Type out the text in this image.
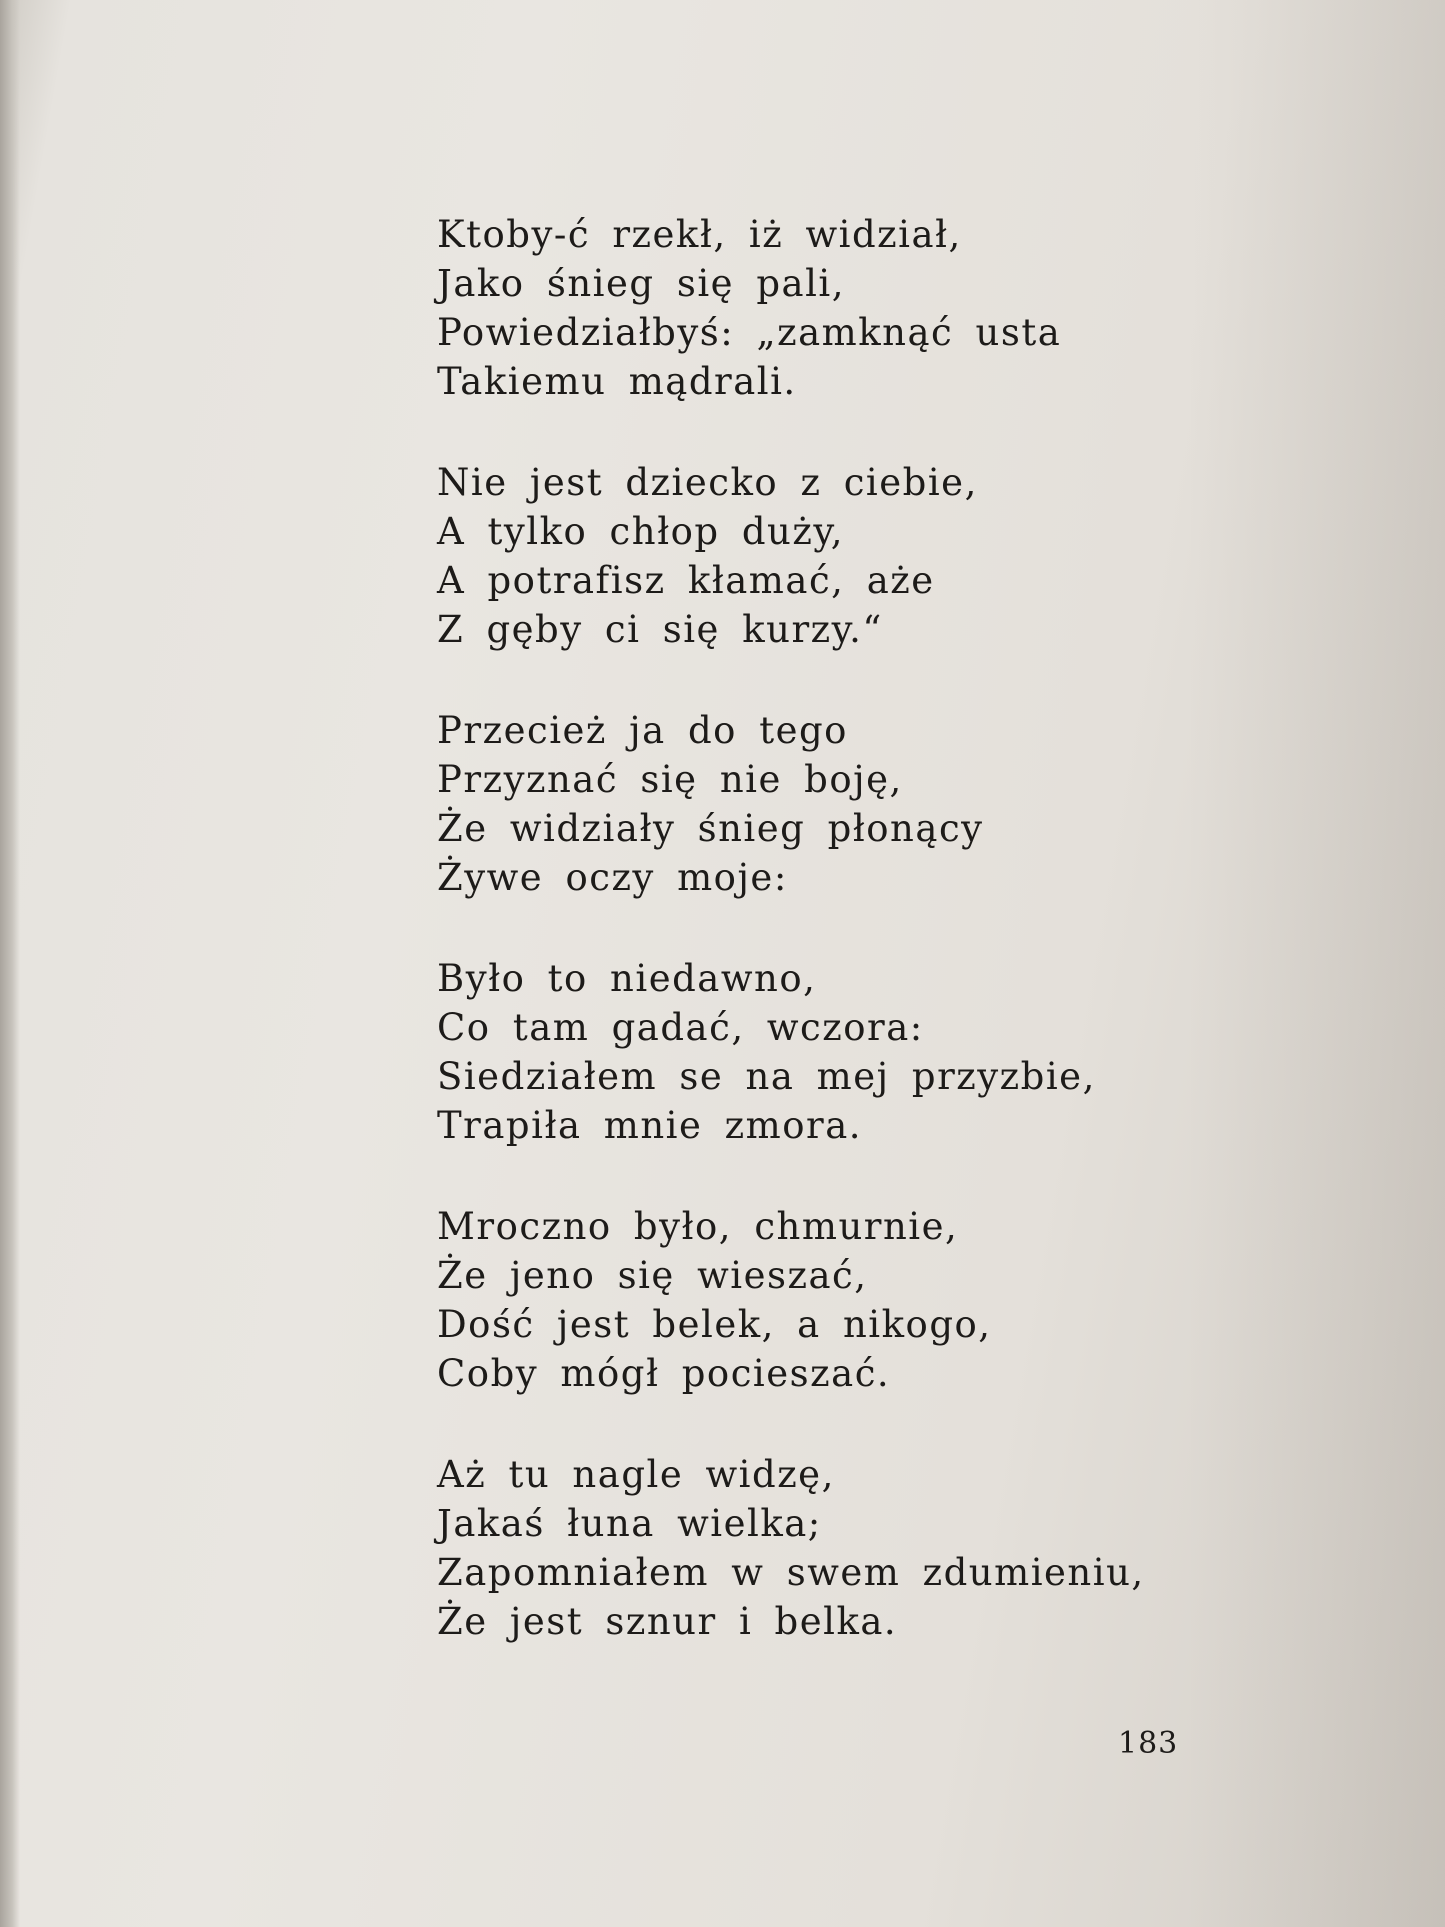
Ktoby-ć rzekł, iż widział,
Jako śnieg się pali,
Powiedziałbyś: „zamknąć usta
Takiemu mądrali.
Nie jest dziecko z ciebie,
A tylko chłop duży,
A potrafisz kłamać, aże
Z gęby ci się kurzy.“
Przecież ja do tego
Przyznać się nie boję,
Że widziały śnieg płonący
Żywe oczy moje:
Było to niedawno,
Co tam gadać, wczora:
Siedziałem se na mej przyzbie,
Trapiła mnie zmora.
Mroczno było, chmurnie,
Że jeno się wieszać,
Dość jest belek, a nikogo,
Coby mógł pocieszać.
Aż tu nagle widzę,
Jakaś łuna wielka;
Zapomniałem w swem zdumieniu,
Że jest sznur i belka.
183
